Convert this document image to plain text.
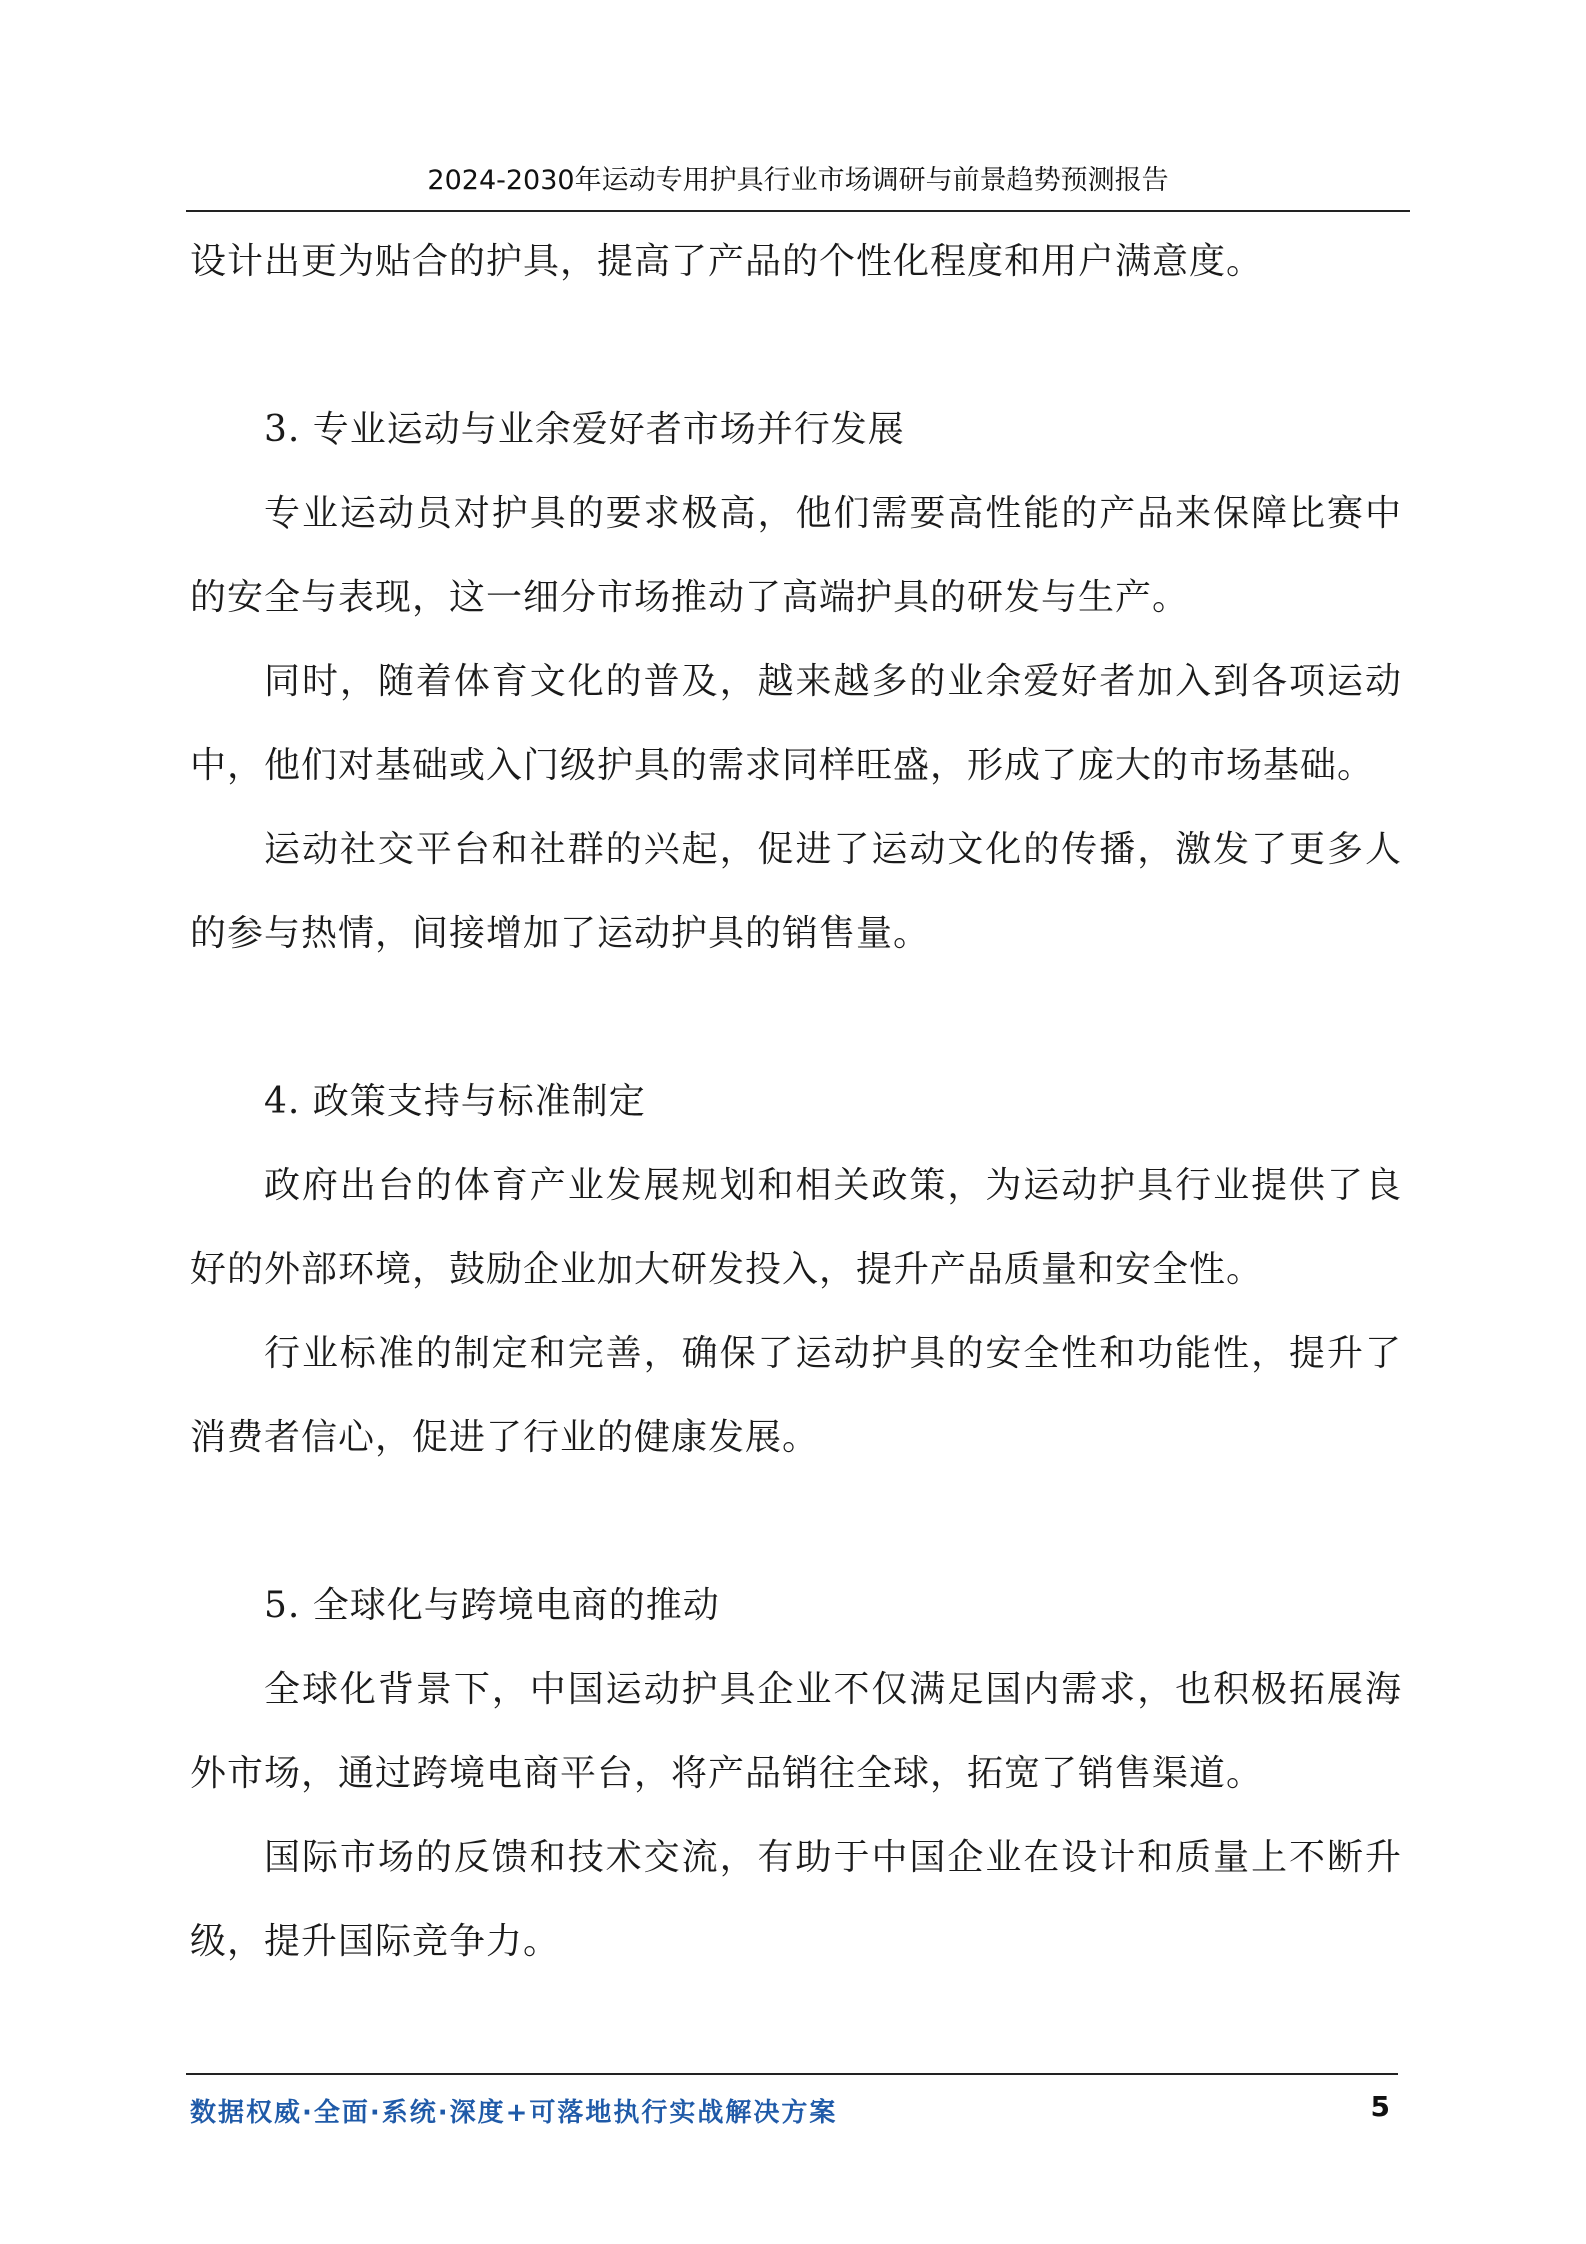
2024-2030年运动专用护具行业市场调研与前景趋势预测报告

设计出更为贴合的护具，提高了产品的个性化程度和用户满意度。

3. 专业运动与业余爱好者市场并行发展

专业运动员对护具的要求极高，他们需要高性能的产品来保障比赛中的安全与表现，这一细分市场推动了高端护具的研发与生产。

同时，随着体育文化的普及，越来越多的业余爱好者加入到各项运动中，他们对基础或入门级护具的需求同样旺盛，形成了庞大的市场基础。

运动社交平台和社群的兴起，促进了运动文化的传播，激发了更多人的参与热情，间接增加了运动护具的销售量。

4. 政策支持与标准制定

政府出台的体育产业发展规划和相关政策，为运动护具行业提供了良好的外部环境，鼓励企业加大研发投入，提升产品质量和安全性。

行业标准的制定和完善，确保了运动护具的安全性和功能性，提升了消费者信心，促进了行业的健康发展。

5. 全球化与跨境电商的推动

全球化背景下，中国运动护具企业不仅满足国内需求，也积极拓展海外市场，通过跨境电商平台，将产品销往全球，拓宽了销售渠道。

国际市场的反馈和技术交流，有助于中国企业在设计和质量上不断升级，提升国际竞争力。

数据权威·全面·系统·深度+可落地执行实战解决方案	5
